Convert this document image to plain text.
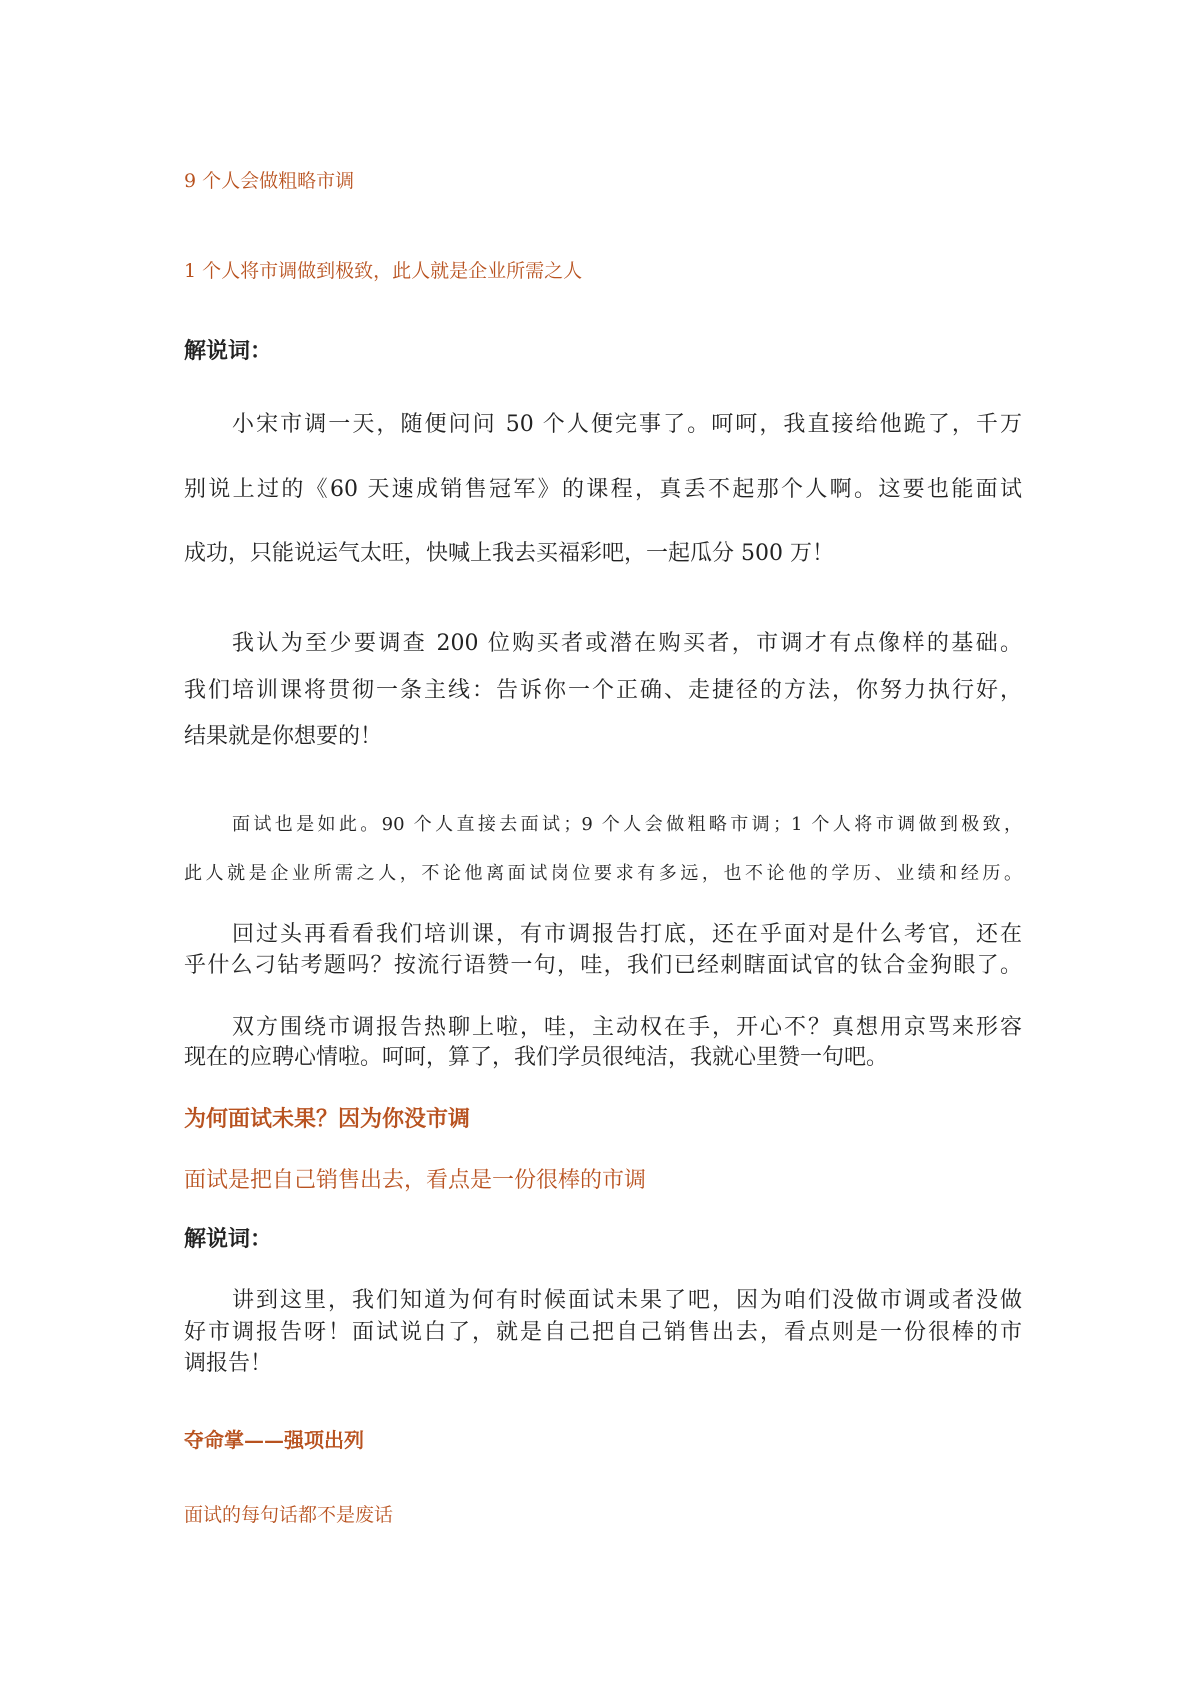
9 个人会做粗略市调

1 个人将市调做到极致，此人就是企业所需之人

解说词：

小宋市调一天，随便问问 50 个人便完事了。呵呵，我直接给他跪了，千万

别说上过的《60 天速成销售冠军》的课程，真丢不起那个人啊。这要也能面试

成功，只能说运气太旺，快喊上我去买福彩吧，一起瓜分 500 万！

我认为至少要调查 200 位购买者或潜在购买者，市调才有点像样的基础。

我们培训课将贯彻一条主线：告诉你一个正确、走捷径的方法，你努力执行好，

结果就是你想要的！

面试也是如此。90 个人直接去面试；9 个人会做粗略市调；1 个人将市调做到极致，

此人就是企业所需之人，不论他离面试岗位要求有多远，也不论他的学历、业绩和经历。

回过头再看看我们培训课，有市调报告打底，还在乎面对是什么考官，还在

乎什么刁钻考题吗？按流行语赞一句，哇，我们已经刺瞎面试官的钛合金狗眼了。

双方围绕市调报告热聊上啦，哇，主动权在手，开心不？真想用京骂来形容

现在的应聘心情啦。呵呵，算了，我们学员很纯洁，我就心里赞一句吧。

为何面试未果？因为你没市调

面试是把自己销售出去，看点是一份很棒的市调

解说词：

讲到这里，我们知道为何有时候面试未果了吧，因为咱们没做市调或者没做

好市调报告呀！面试说白了，就是自己把自己销售出去，看点则是一份很棒的市

调报告！

夺命掌——强项出列

面试的每句话都不是废话
